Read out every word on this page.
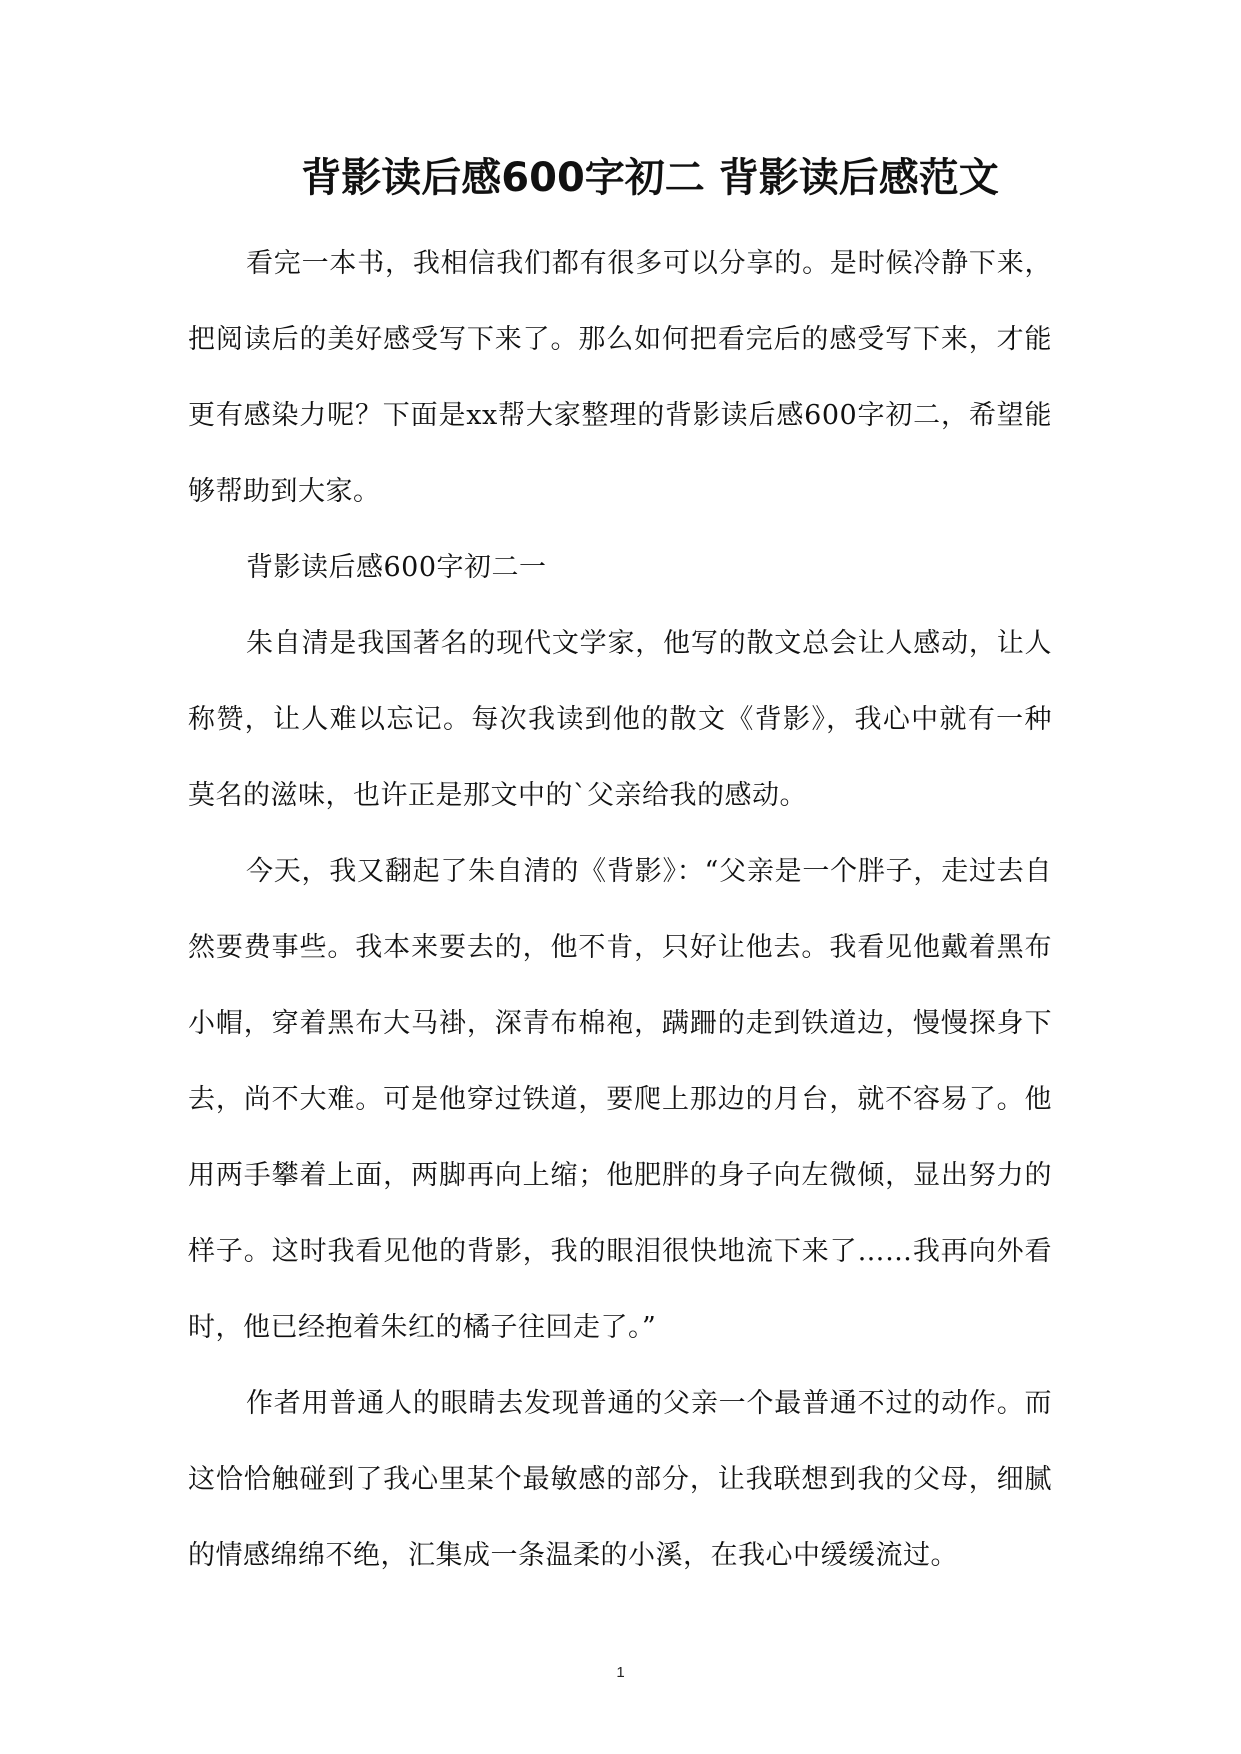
背影读后感600字初二 背影读后感范文

看完一本书，我相信我们都有很多可以分享的。是时候冷静下来，把阅读后的美好感受写下来了。那么如何把看完后的感受写下来，才能更有感染力呢？下面是xx帮大家整理的背影读后感600字初二，希望能够帮助到大家。

背影读后感600字初二一

朱自清是我国著名的现代文学家，他写的散文总会让人感动，让人称赞，让人难以忘记。每次我读到他的散文《背影》，我心中就有一种莫名的滋味，也许正是那文中的`父亲给我的感动。

今天，我又翻起了朱自清的《背影》：“父亲是一个胖子，走过去自然要费事些。我本来要去的，他不肯，只好让他去。我看见他戴着黑布小帽，穿着黑布大马褂，深青布棉袍，蹒跚的走到铁道边，慢慢探身下去，尚不大难。可是他穿过铁道，要爬上那边的月台，就不容易了。他用两手攀着上面，两脚再向上缩；他肥胖的身子向左微倾，显出努力的样子。这时我看见他的背影，我的眼泪很快地流下来了……我再向外看时，他已经抱着朱红的橘子往回走了。”

作者用普通人的眼睛去发现普通的父亲一个最普通不过的动作。而这恰恰触碰到了我心里某个最敏感的部分，让我联想到我的父母，细腻的情感绵绵不绝，汇集成一条温柔的小溪，在我心中缓缓流过。

1
